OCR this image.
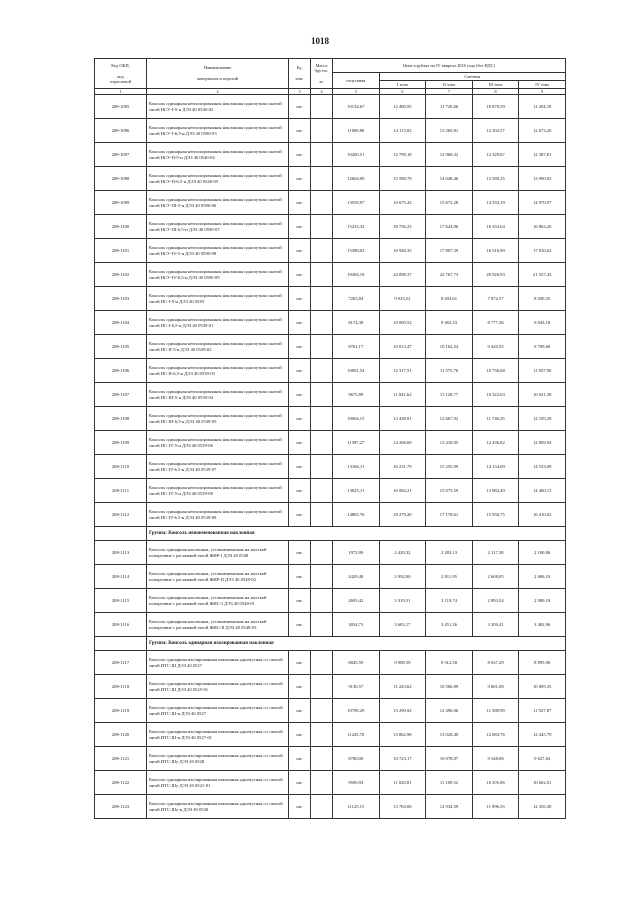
1018
Код ОКП,

код
отраслевой	Наименование

материалов и изделий	Ед.

изм.	Масса
брутто,

кг	Цена в рублях на IV квартал 2016 года (без НДС)				
				отпускная	Сметная			
					I зона	II зона	III зона	IV зона
1	2	3	4	5	6	7	8	9
208-1095	Консоль одинарная неизолированная наклонная однопутная сжатой тягой НСУ-I-5-н ДЭЗ 40 0540-02	шт.		10134,67	12 480,95	11 720,66	10 879,59	11 204,19
208-1096	Консоль одинарная неизолированная наклонная однопутная сжатой тягой НСУ-I-6,5-н ДЭЗ 40 0590-03	шт.		11069,88	14 115,82	13 269,81	12 302,57	12 673,20
208-1097	Консоль одинарная неизолированная наклонная однопутная сжатой тягой НСУ-II-5-н ДЭЗ 40 0540-04	шт.		10260,51	12 799,18	12 968,32	12 329,67	12 387,81
208-1098	Консоль одинарная неизолированная наклонная однопутная сжатой тягой НСУ-II-6,5-н ДЭЗ 40 0540-05	шт.		12604,09	15 588,78	14 648,46	13 580,35	13 990,65
208-1099	Консоль одинарная неизолированная наклонная однопутная сжатой тягой НСУ-III-5-н ДЭЗ 40 0590-06	шт.		13559,97	16 675,43	15 672,28	14 533,19	14 970,97
208-1100	Консоль одинарная неизолированная наклонная однопутная сжатой тягой НСУ-III-6,5-н ДЭЗ 40 0590-07	шт.		15233,32	18 756,23	17 624,96	16 333,64	16 863,20
208-1101	Консоль одинарная неизолированная наклонная однопутная сжатой тягой НСУ-IV-5-н ДЭЗ 40 0590-08	шт.		15380,02	18 948,35	17 807,39	16 516,90	17 010,62
208-1102	Консоль одинарная неизолированная наклонная однопутная сжатой тягой НСУ-IV-6,5-н ДЭЗ 40 0590-09	шт.		19494,18	24 098,37	22 767,73	20 926,93	21 557,43
208-1103	Консоль одинарная неизолированная наклонная однопутная сжатой тягой НС-I-5-н ДЭЗ 40 0539	шт.		7265,84	9 023,52	8 493,61	7 872,57	8 030,35
208-1104	Консоль одинарная неизолированная наклонная однопутная сжатой тягой НС-I-6,5-н ДЭЗ 40 0539-01	шт.		8174,38	10 069,52	9 463,33	8 777,36	9 043,18
208-1105	Консоль одинарная неизолированная наклонная однопутная сжатой тягой НС-II-5-н ДЭЗ 40 0539-02	шт.		8761,17	10 813,47	10 162,54	9 420,55	9 709,68
208-1106	Консоль одинарная неизолированная наклонная однопутная сжатой тягой НС-II-6,5-н ДЭЗ 40 0539-03	шт.		10001,54	12 317,51	11 575,76	10 736,68	11 057,90
208-1107	Консоль одинарная неизолированная наклонная однопутная сжатой тягой НС-III-5-н ДЭЗ 40 0539-04	шт.		9675,89	11 841,62	11 128,77	10 322,63	10 631,38
208-1108	Консоль одинарная неизолированная наклонная однопутная сжатой тягой НС-III-6,5-н ДЭЗ 40 0539-05	шт.		10904,15	13 438,91	12 667,92	11 746,35	12 109,28
208-1109	Консоль одинарная неизолированная наклонная однопутная сжатой тягой НС-IV-5-н ДЭЗ 40 0539-06	шт.		11587,27	14 268,69	13 410,05	12 436,82	12 809,94
208-1110	Консоль одинарная неизолированная наклонная однопутная сжатой тягой НС-IV-6,5-н ДЭЗ 40 0539-07	шт.		13166,11	16 231,79	15 255,99	14 134,69	14 533,09
208-1111	Консоль одинарная неизолированная наклонная однопутная сжатой тягой НС-IV-5-н ДЭЗ 40 0539-08	шт.		13025,11	16 084,21	15 075,59	13 982,49	14 400,15
208-1112	Консоль одинарная неизолированная наклонная однопутная сжатой тягой НС-IV-6,5-н ДЭЗ 40 0539-09	шт.		14865,76	18 279,20	17 178,61	15 930,75	16 410,02
	Группа: Консоль непоименованная наклонная							
208-1113	Консоль одинарная наклонная, устанавливаемая на жесткой поперечине с растяжкой тягой ЖНР-I ДЭЗ 40 0548	шт.		1972,99	2 429,32	2 283,13	2 117,38	2 180,86
208-1114	Консоль одинарная наклонная, устанавливаемая на жесткой поперечине с растяжкой тягой ЖНР-II ДЭЗ 40 0548-02	шт.		2429,48	2 992,00	2 811,95	2 608,05	2 686,10
208-1115	Консоль одинарная наклонная, устанавливаемая на жесткой поперечине с растяжкой тягой ЖНС-I ДЭЗ 40 0548-01	шт.		2693,42	3 319,51	3 119,74	2 893,54	2 980,18
208-1116	Консоль одинарная наклонная, устанавливаемая на жесткой поперечине с растяжкой тягой ЖНС-II ДЭЗ 40 0548-03	шт.		3034,73	3 683,17	3 451,36	3 209,41	3 482,96
	Группа: Консоль одинарная изолированная наклонная							
208-1117	Консоль одинарная изолированная наклонная однопутная со сжатой тягой ИТС-Ш ДЭЗ 40 0527	шт.		8045,59	9 908,59	9 312,58	8 637,29	8 895,90
208-1118	Консоль одинарная изолированная наклонная однопутная со сжатой тягой ИТС-Ш ДЭЗ 40 0525-01	шт.		9130,57	11 243,62	10 566,89	9 801,08	10 095,35
208-1119	Консоль одинарная изолированная наклонная однопутная со сжатой тягой ИТС-Ш-н ДЭЗ 40 0527	шт.		10790,29	13 290,92	12 496,06	11 588,99	11 927,87
208-1120	Консоль одинарная изолированная наклонная однопутная со сжатой тягой ИТС-Ш-н ДЭЗ 40 0527-01	шт.		11245,70	13 862,98	13 028,40	12 083,76	12 445,79
208-1121	Консоль одинарная изолированная наклонная однопутная со сжатой тягой ИТС-IIIу ДЭЗ 40 0528	шт.		8780,00	10 723,17	10 078,07	9 348,08	9 627,84
208-1122	Консоль одинарная изолированная наклонная однопутная со сжатой тягой ИТС-IIIу ДЭЗ 40 0521-01	шт.		9590,93	11 820,81	11 109,52	10 295,86	10 602,01
208-1123	Консоль одинарная изолированная наклонная однопутная со сжатой тягой ИТС-IIIу-н ДЭЗ 40 0530	шт.		11125,15	13 763,06	12 934,59	11 996,53	12 356,30
